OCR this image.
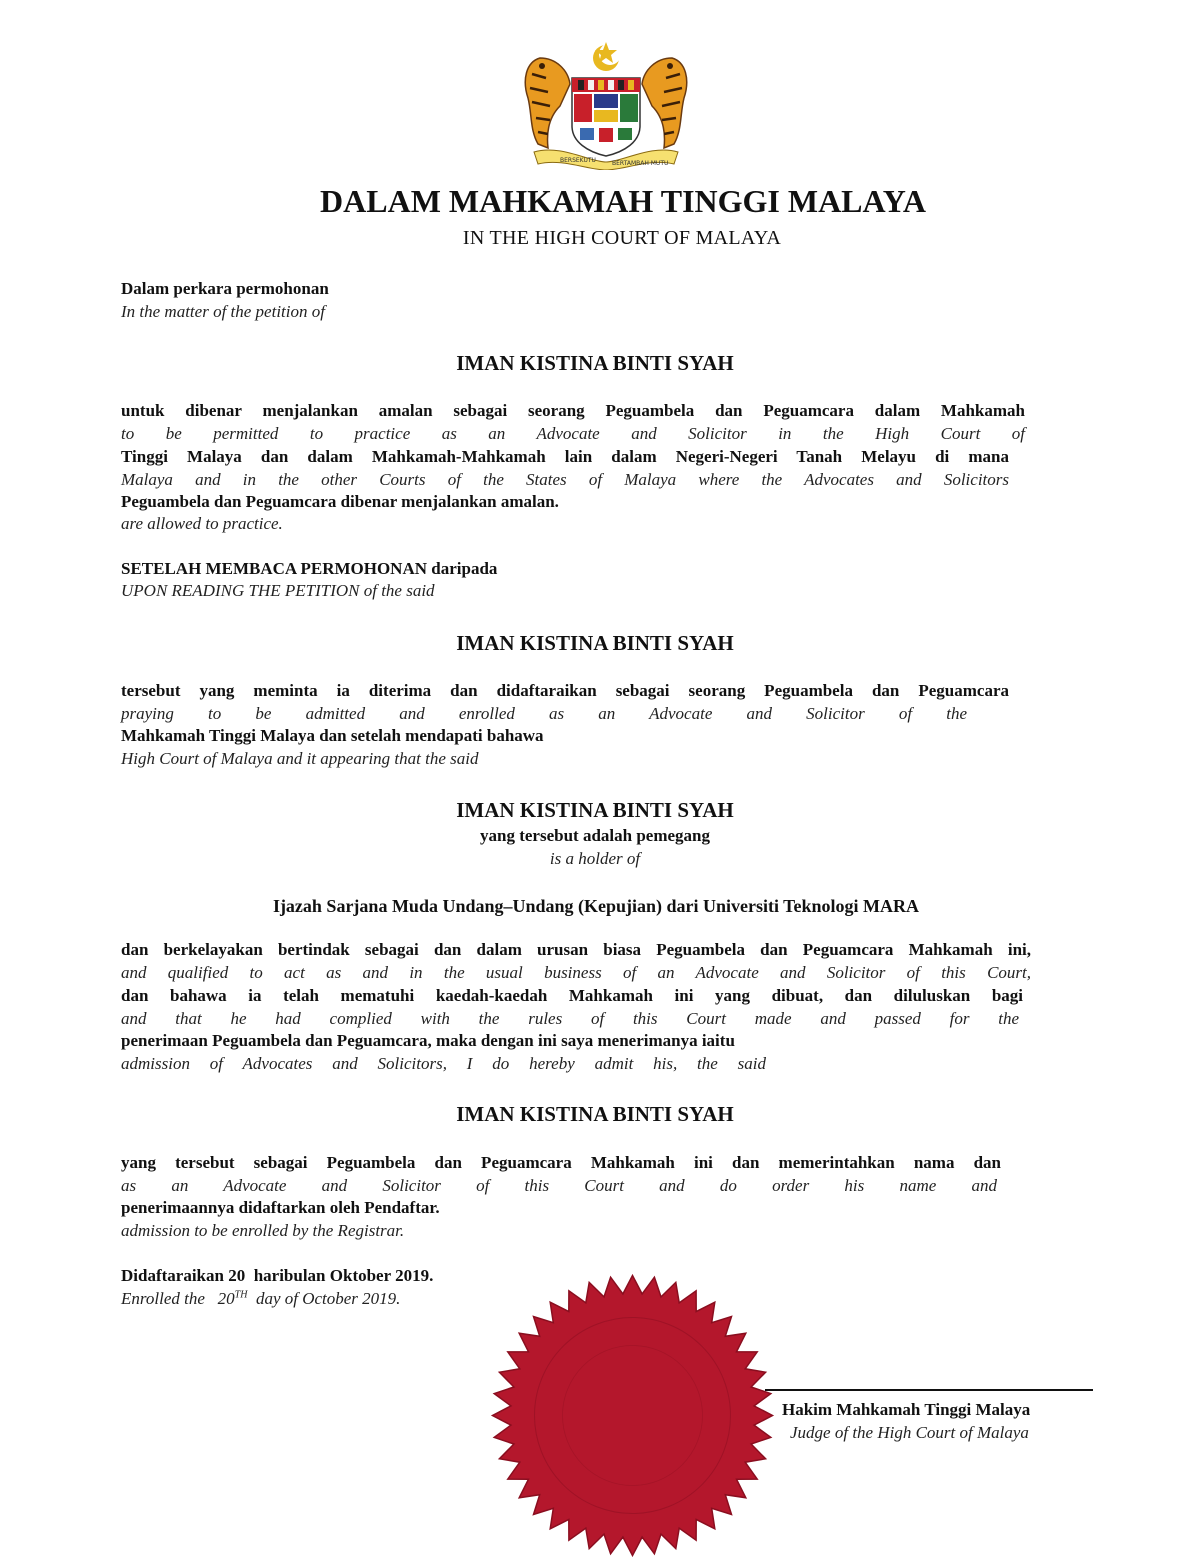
BERSEKUTU	BERTAMBAH MUTU
DALAM MAHKAMAH TINGGI MALAYA
IN THE HIGH COURT OF MALAYA
Dalam perkara permohonan
In the matter of the petition of
IMAN KISTINA BINTI SYAH
untuk dibenar menjalankan amalan sebagai seorang Peguambela dan Peguamcara dalam Mahkamah
to be permitted to practice as an Advocate and Solicitor in the High Court of
Tinggi Malaya dan dalam Mahkamah-Mahkamah lain dalam Negeri-Negeri Tanah Melayu di mana
Malaya and in the other Courts of the States of Malaya where the Advocates and Solicitors
Peguambela dan Peguamcara dibenar menjalankan amalan.
are allowed to practice.
SETELAH MEMBACA PERMOHONAN daripada
UPON READING THE PETITION of the said
IMAN KISTINA BINTI SYAH
tersebut yang meminta ia diterima dan didaftaraikan sebagai seorang Peguambela dan Peguamcara
praying to be admitted and enrolled as an Advocate and Solicitor of the
Mahkamah Tinggi Malaya dan setelah mendapati bahawa
High Court of Malaya and it appearing that the said
IMAN KISTINA BINTI SYAH
yang tersebut adalah pemegang
is a holder of
Ijazah Sarjana Muda Undang–Undang (Kepujian) dari Universiti Teknologi MARA
dan berkelayakan bertindak sebagai dan dalam urusan biasa Peguambela dan Peguamcara Mahkamah ini,
and qualified to act as and in the usual business of an Advocate and Solicitor of this Court,
dan bahawa ia telah mematuhi kaedah-kaedah Mahkamah ini yang dibuat, dan diluluskan bagi
and that he had complied with the rules of this Court made and passed for the
penerimaan Peguambela dan Peguamcara, maka dengan ini saya menerimanya iaitu
admission of Advocates and Solicitors, I do hereby admit his, the said
IMAN KISTINA BINTI SYAH
yang tersebut sebagai Peguambela dan Peguamcara Mahkamah ini dan memerintahkan nama dan
as an Advocate and Solicitor of this Court and do order his name and
penerimaannya didaftarkan oleh Pendaftar.
admission to be enrolled by the Registrar.
Didaftaraikan 20  haribulan Oktober 2019.
Enrolled the   20TH  day of October 2019.
Hakim Mahkamah Tinggi Malaya
Judge of the High Court of Malaya
